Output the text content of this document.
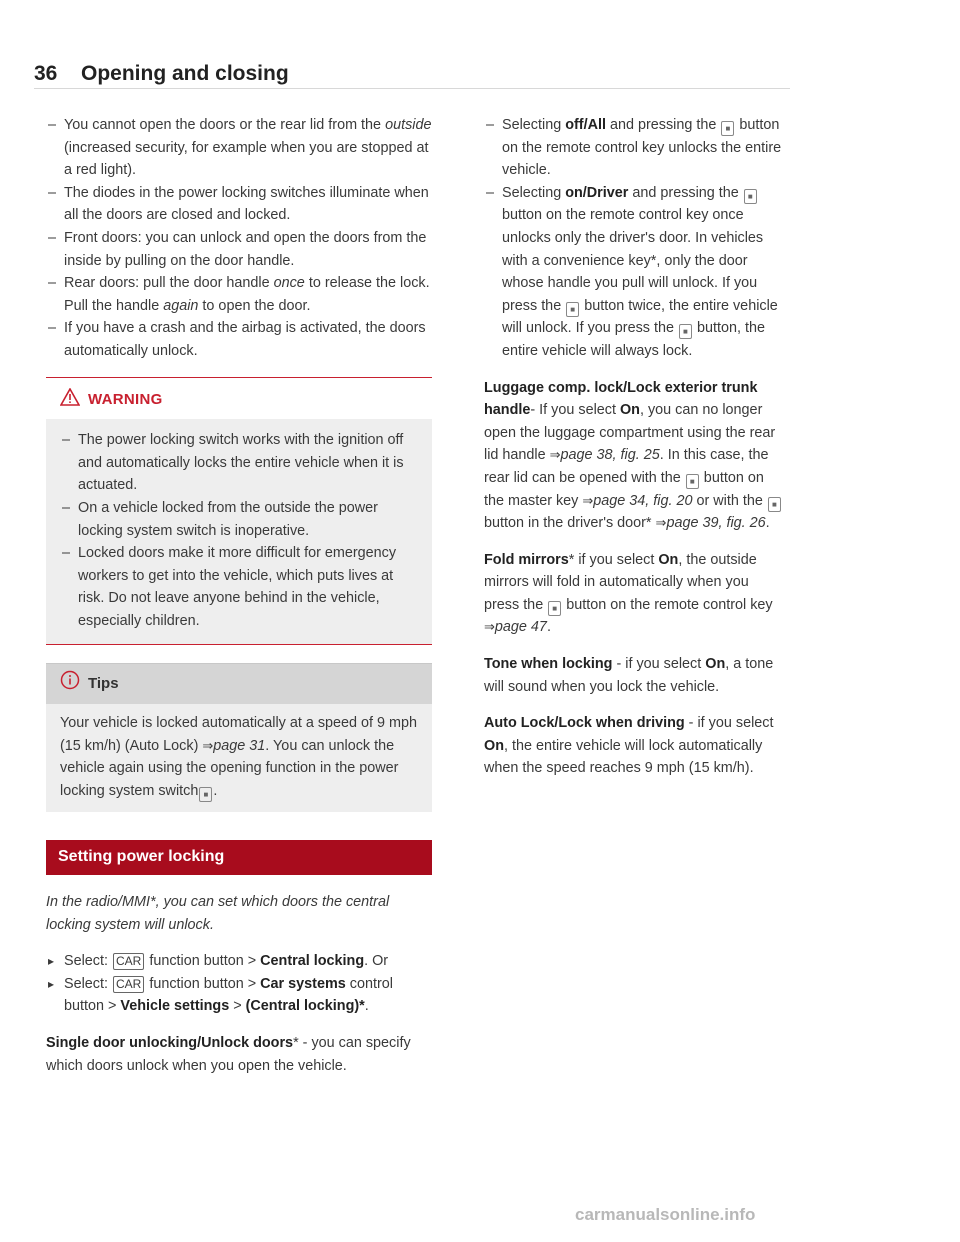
36 Opening and closing
– You cannot open the doors or the rear lid from the outside (increased security, for example when you are stopped at a red light).
– The diodes in the power locking switches illuminate when all the doors are closed and locked.
– Front doors: you can unlock and open the doors from the inside by pulling on the door handle.
– Rear doors: pull the door handle once to release the lock. Pull the handle again to open the door.
– If you have a crash and the airbag is activated, the doors automatically unlock.
WARNING
– The power locking switch works with the ignition off and automatically locks the entire vehicle when it is actuated.
– On a vehicle locked from the outside the power locking system switch is inoperative.
– Locked doors make it more difficult for emergency workers to get into the vehicle, which puts lives at risk. Do not leave anyone behind in the vehicle, especially children.
Tips

Your vehicle is locked automatically at a speed of 9 mph (15 km/h) (Auto Lock) ⇒page 31. You can unlock the vehicle again using the opening function in the power locking system switch ■ .

Setting power locking

In the radio/MMI*, you can set which doors the central locking system will unlock.

▸ Select: CAR function button > Central locking. Or
▸ Select: CAR function button > Car systems control button > Vehicle settings > (Central locking)*.

Single door unlocking/Unlock doors* - you can specify which doors unlock when you open the vehicle.

– Selecting off/All and pressing the ■ button on the remote control key unlocks the entire vehicle.
– Selecting on/Driver and pressing the ■ button on the remote control key once unlocks only the driver's door. In vehicles with a convenience key*, only the door whose handle you pull will unlock. If you press the ■ button twice, the entire vehicle will unlock. If you press the ■ button, the entire vehicle will always lock.

Luggage comp. lock/Lock exterior trunk handle- If you select On, you can no longer open the luggage compartment using the rear lid handle ⇒page 38, fig. 25. In this case, the rear lid can be opened with the ■ button on the master key ⇒page 34, fig. 20 or with the ■ button in the driver's door* ⇒page 39, fig. 26.

Fold mirrors* if you select On, the outside mirrors will fold in automatically when you press the ■ button on the remote control key ⇒page 47.

Tone when locking - if you select On, a tone will sound when you lock the vehicle.

Auto Lock/Lock when driving - if you select On, the entire vehicle will lock automatically when the speed reaches 9 mph (15 km/h).

carmanualsonline.info
